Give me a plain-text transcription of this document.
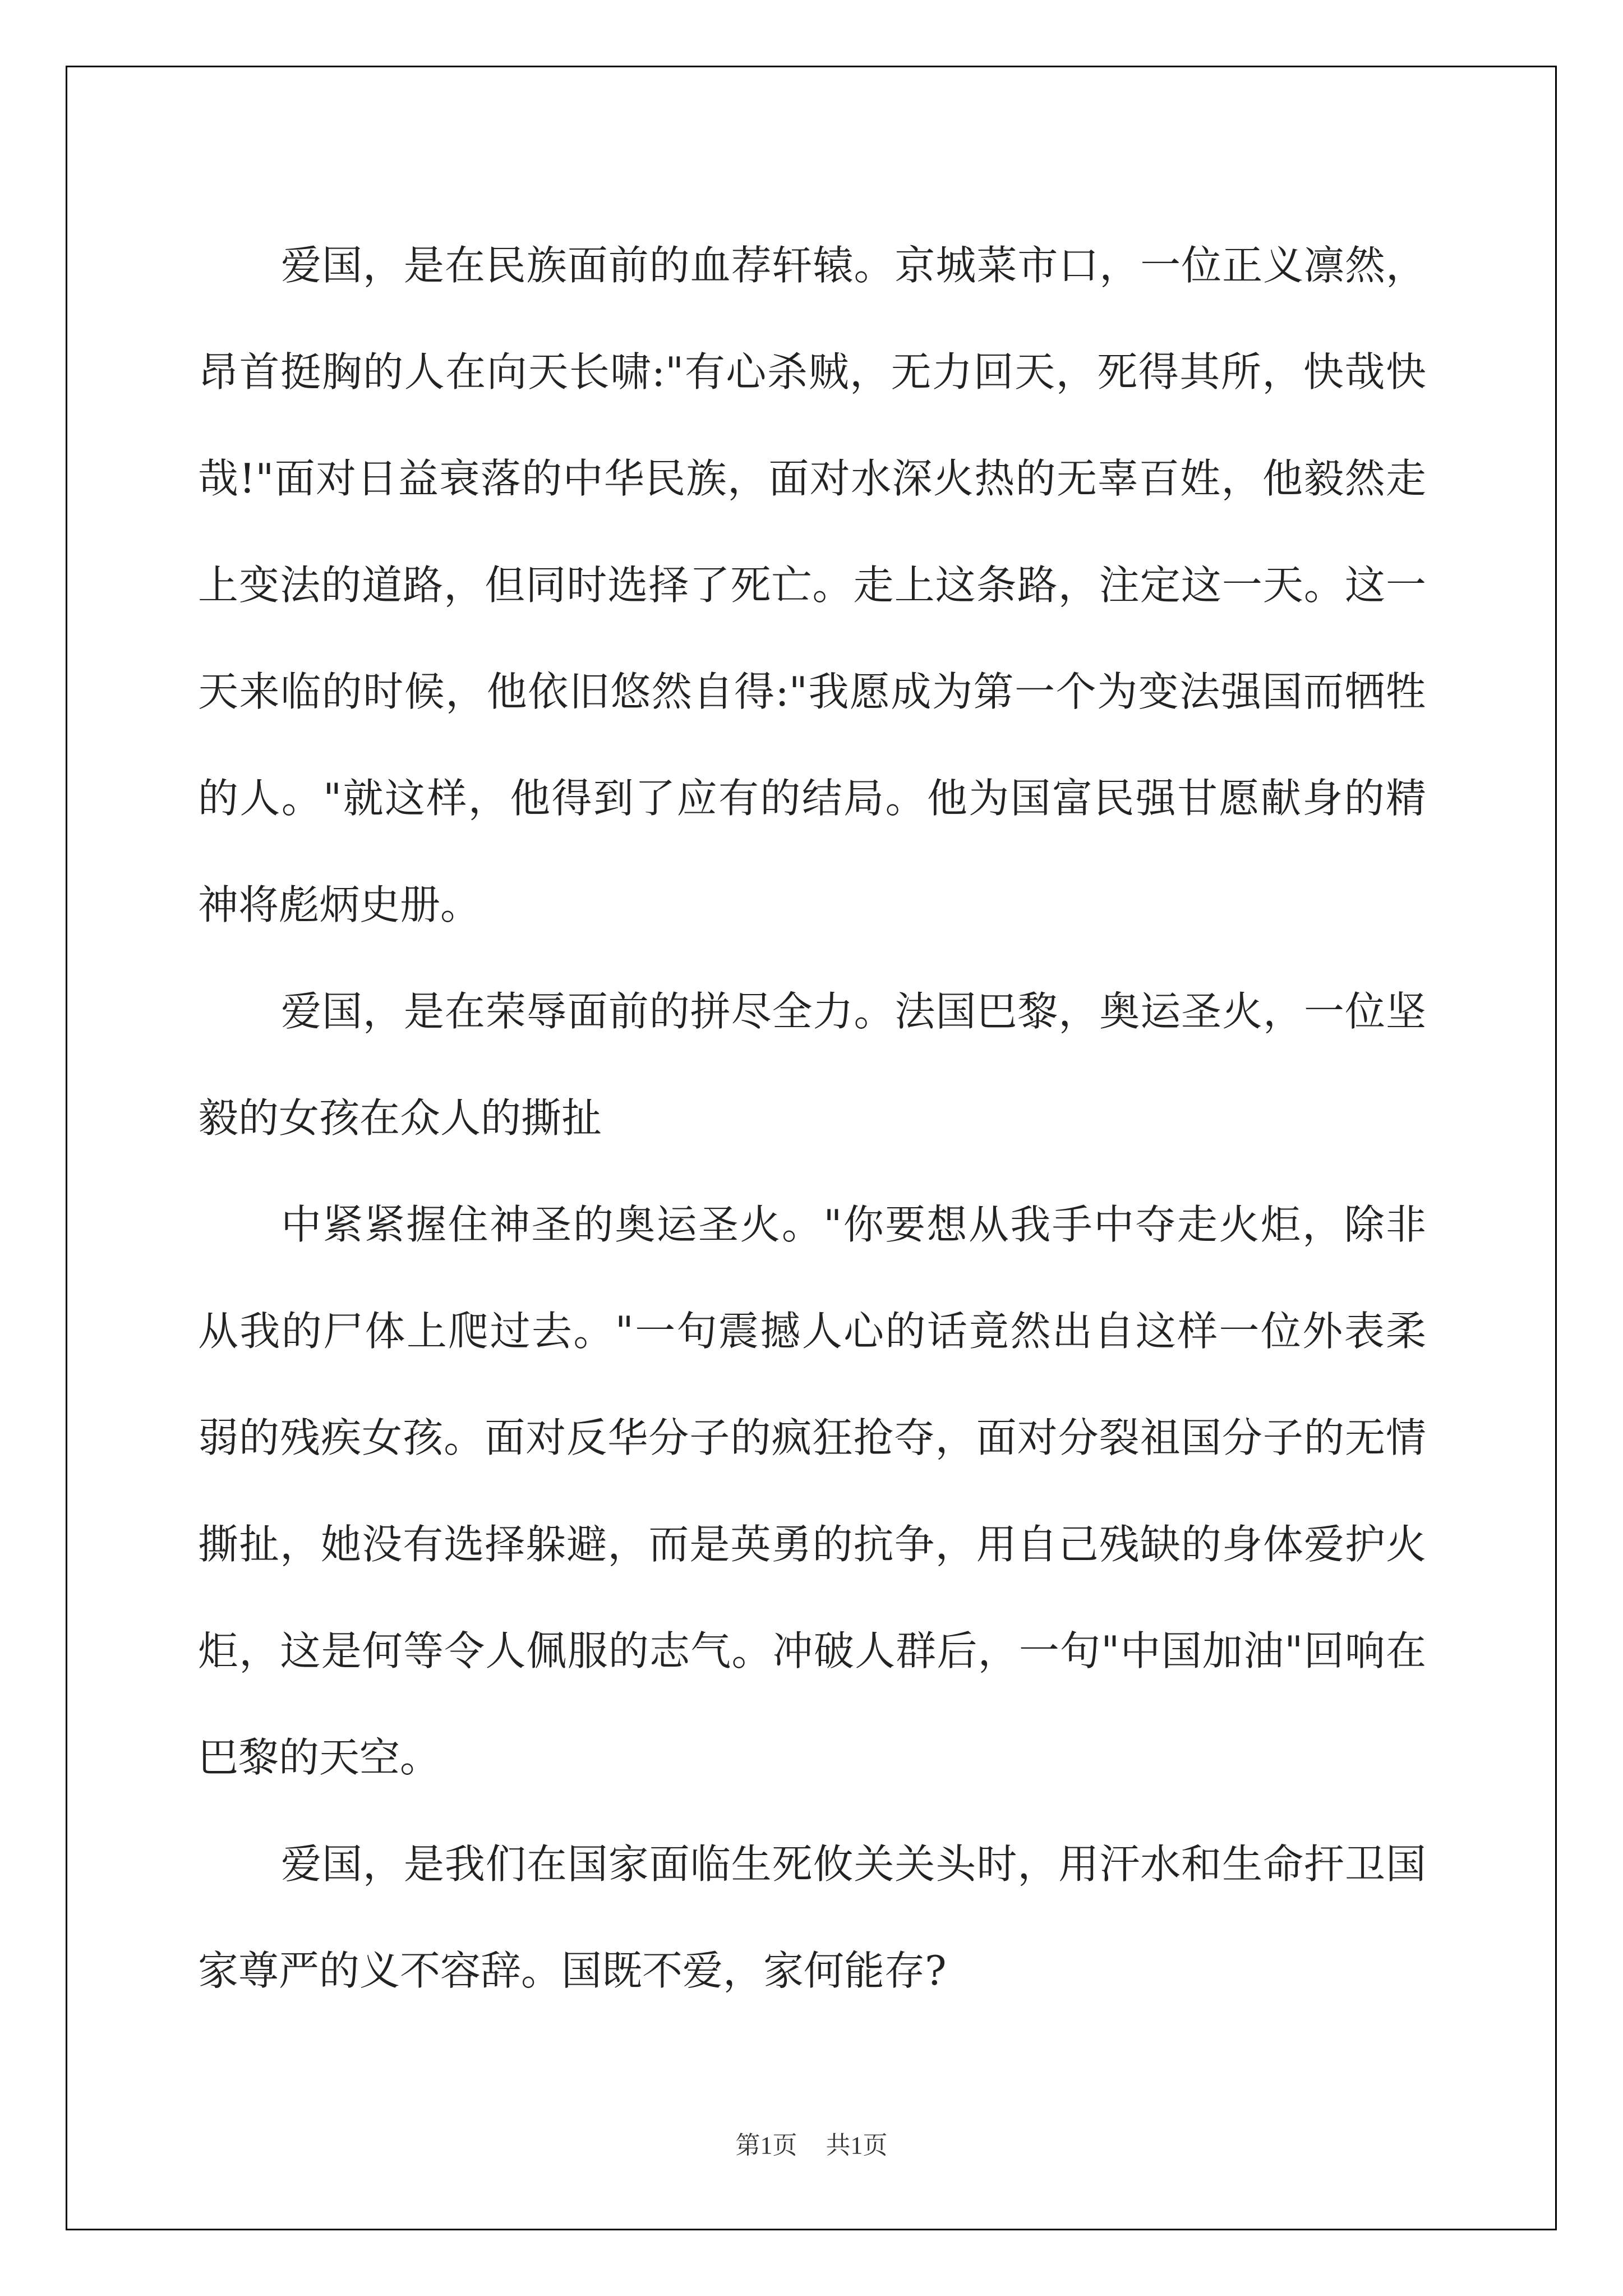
爱国，是在民族面前的血荐轩辕。京城菜市口，一位正义凛然，昂首挺胸的人在向天长啸:"有心杀贼，无力回天，死得其所，快哉快哉!"面对日益衰落的中华民族，面对水深火热的无辜百姓，他毅然走上变法的道路，但同时选择了死亡。走上这条路，注定这一天。这一天来临的时候，他依旧悠然自得:"我愿成为第一个为变法强国而牺牲的人。"就这样，他得到了应有的结局。他为国富民强甘愿献身的精神将彪炳史册。

爱国，是在荣辱面前的拼尽全力。法国巴黎，奥运圣火，一位坚毅的女孩在众人的撕扯

中紧紧握住神圣的奥运圣火。"你要想从我手中夺走火炬，除非从我的尸体上爬过去。"一句震撼人心的话竟然出自这样一位外表柔弱的残疾女孩。面对反华分子的疯狂抢夺，面对分裂祖国分子的无情撕扯，她没有选择躲避，而是英勇的抗争，用自己残缺的身体爱护火炬，这是何等令人佩服的志气。冲破人群后，一句"中国加油"回响在巴黎的天空。

爱国，是我们在国家面临生死攸关关头时，用汗水和生命扞卫国家尊严的义不容辞。国既不爱，家何能存?

第1页 共1页
